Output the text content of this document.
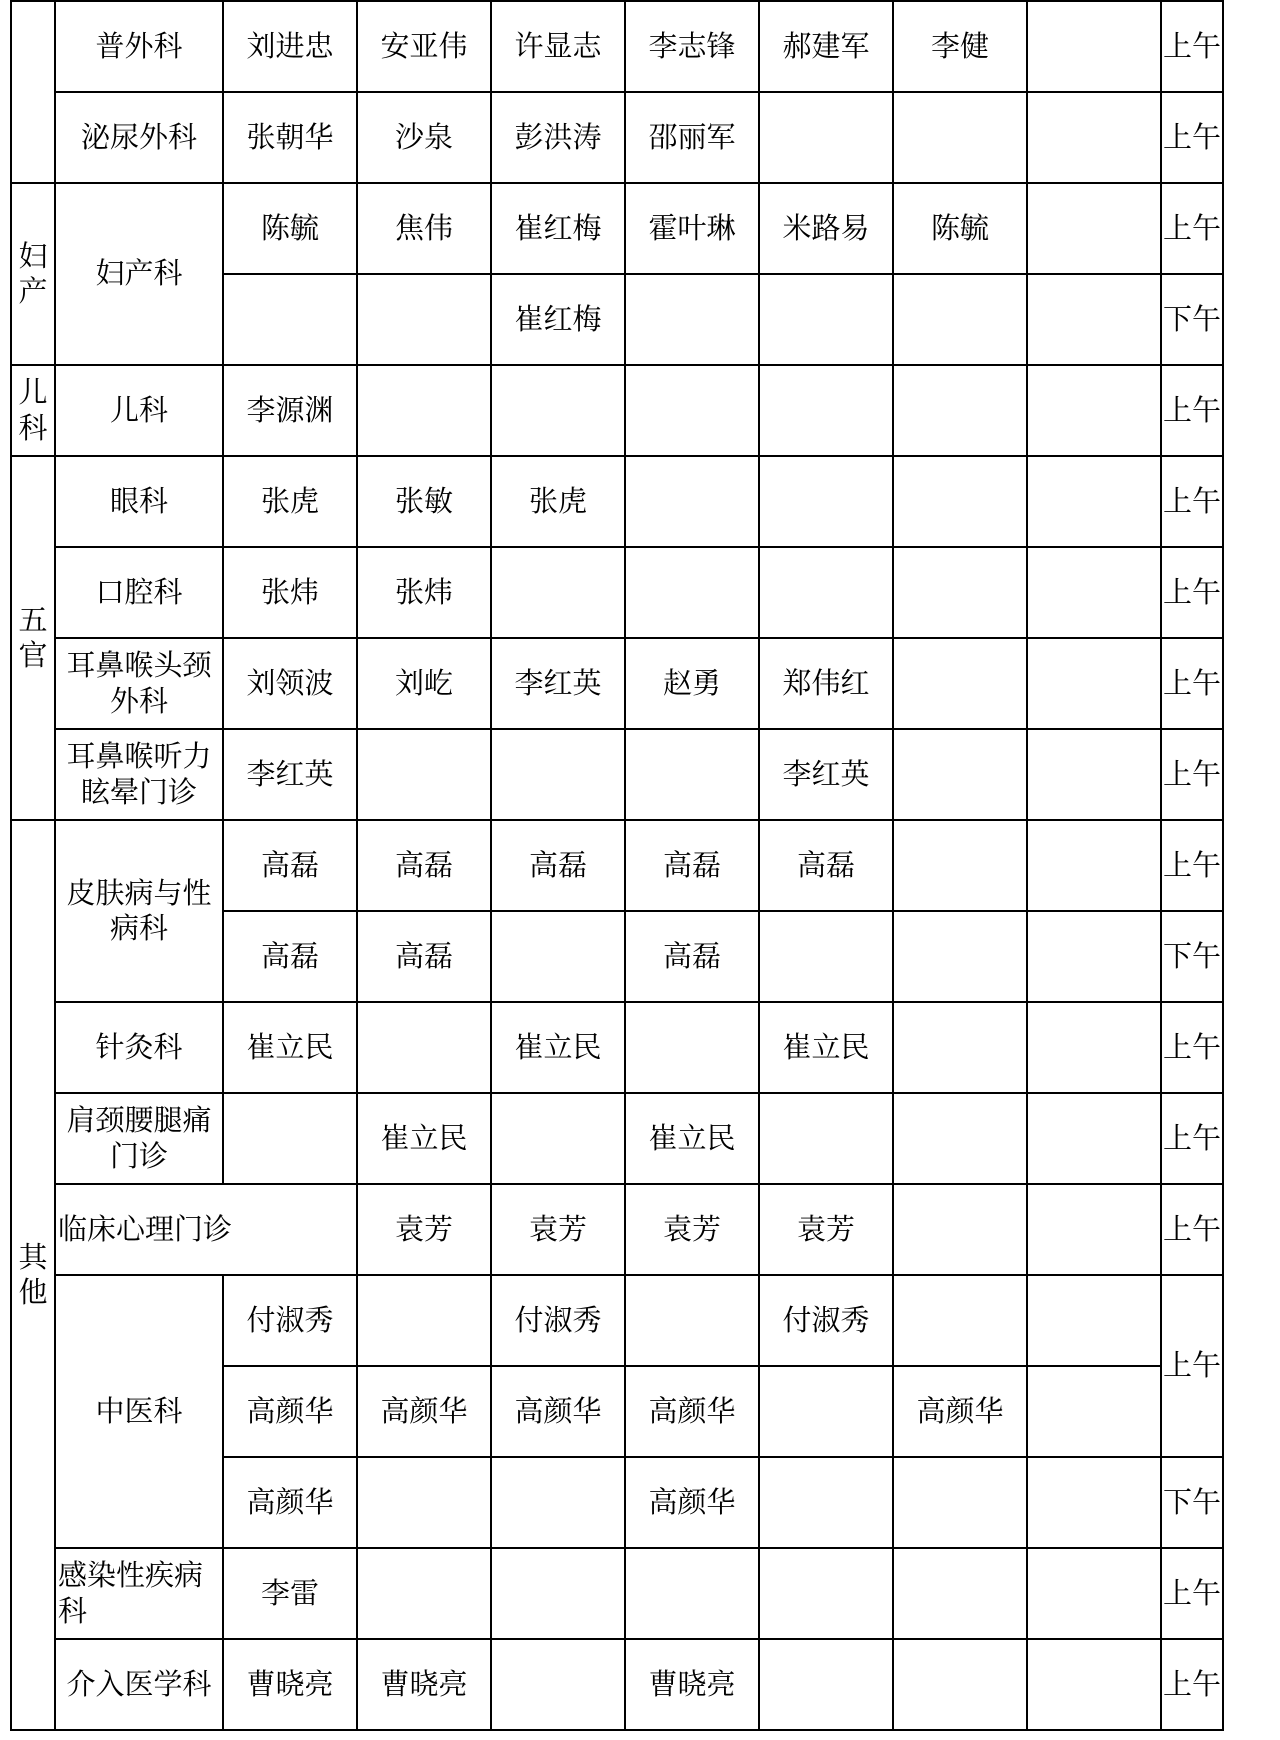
	普外科	刘进忠	安亚伟	许显志	李志锋	郝建军	李健		上午
	泌尿外科	张朝华	沙泉	彭洪涛	邵丽军				上午
妇产	妇产科	陈毓	焦伟	崔红梅	霍叶琳	米路易	陈毓		上午
				崔红梅					下午
儿科	儿科	李源渊							上午
五官	眼科	张虎	张敏	张虎					上午
	口腔科	张炜	张炜						上午
	耳鼻喉头颈外科	刘领波	刘屹	李红英	赵勇	郑伟红			上午
	耳鼻喉听力眩晕门诊	李红英				李红英			上午
其他	皮肤病与性病科	高磊	高磊	高磊	高磊	高磊			上午
		高磊	高磊		高磊				下午
	针灸科	崔立民		崔立民		崔立民			上午
	肩颈腰腿痛门诊		崔立民		崔立民				上午
	临床心理门诊		袁芳	袁芳	袁芳	袁芳			上午
	中医科	付淑秀		付淑秀		付淑秀			上午
		高颜华	高颜华	高颜华	高颜华		高颜华		
		高颜华			高颜华				下午
	感染性疾病科	李雷							上午
	介入医学科	曹晓亮	曹晓亮		曹晓亮				上午
